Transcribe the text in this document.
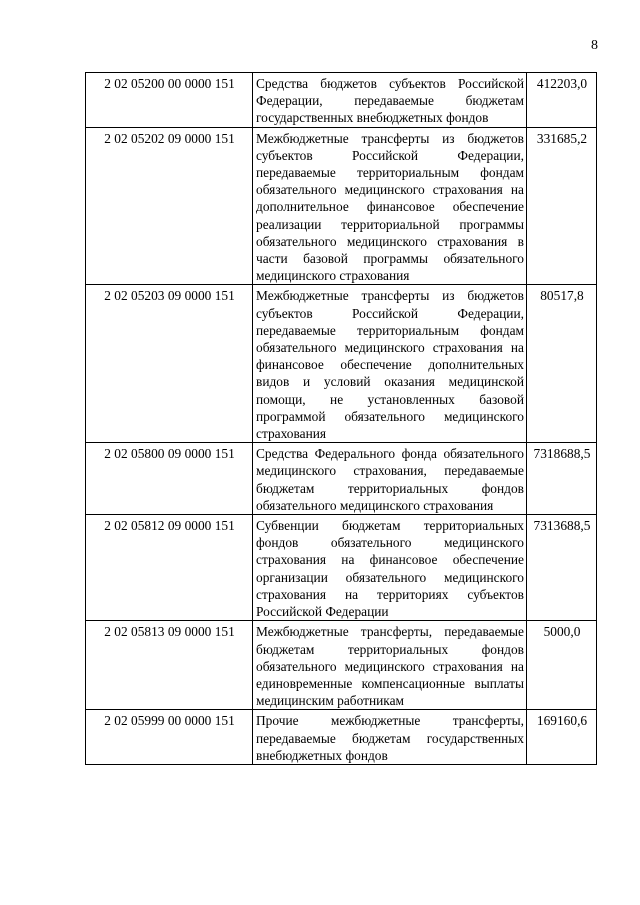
8
2 02 05200 00 0000 151	Средства бюджетов субъектов Российской Федерации, передаваемые бюджетам государственных внебюджетных фондов	412203,0
2 02 05202 09 0000 151	Межбюджетные трансферты из бюджетов субъектов Российской Федерации, передаваемые территориальным фондам обязательного медицинского страхования на дополнительное финансовое обеспечение реализации территориальной программы обязательного медицинского страхования в части базовой программы обязательного медицинского страхования	331685,2
2 02 05203 09 0000 151	Межбюджетные трансферты из бюджетов субъектов Российской Федерации, передаваемые территориальным фондам обязательного медицинского страхования на финансовое обеспечение дополнительных видов и условий оказания медицинской помощи, не установленных базовой программой обязательного медицинского страхования	80517,8
2 02 05800 09 0000 151	Средства Федерального фонда обязательного медицинского страхования, передаваемые бюджетам территориальных фондов обязательного медицинского страхования	7318688,5
2 02 05812 09 0000 151	Субвенции бюджетам территориальных фондов обязательного медицинского страхования на финансовое обеспечение организации обязательного медицинского страхования на территориях субъектов Российской Федерации	7313688,5
2 02 05813 09 0000 151	Межбюджетные трансферты, передаваемые бюджетам территориальных фондов обязательного медицинского страхования на единовременные компенсационные выплаты медицинским работникам	5000,0
2 02 05999 00 0000 151	Прочие межбюджетные трансферты, передаваемые бюджетам государственных внебюджетных фондов	169160,6
